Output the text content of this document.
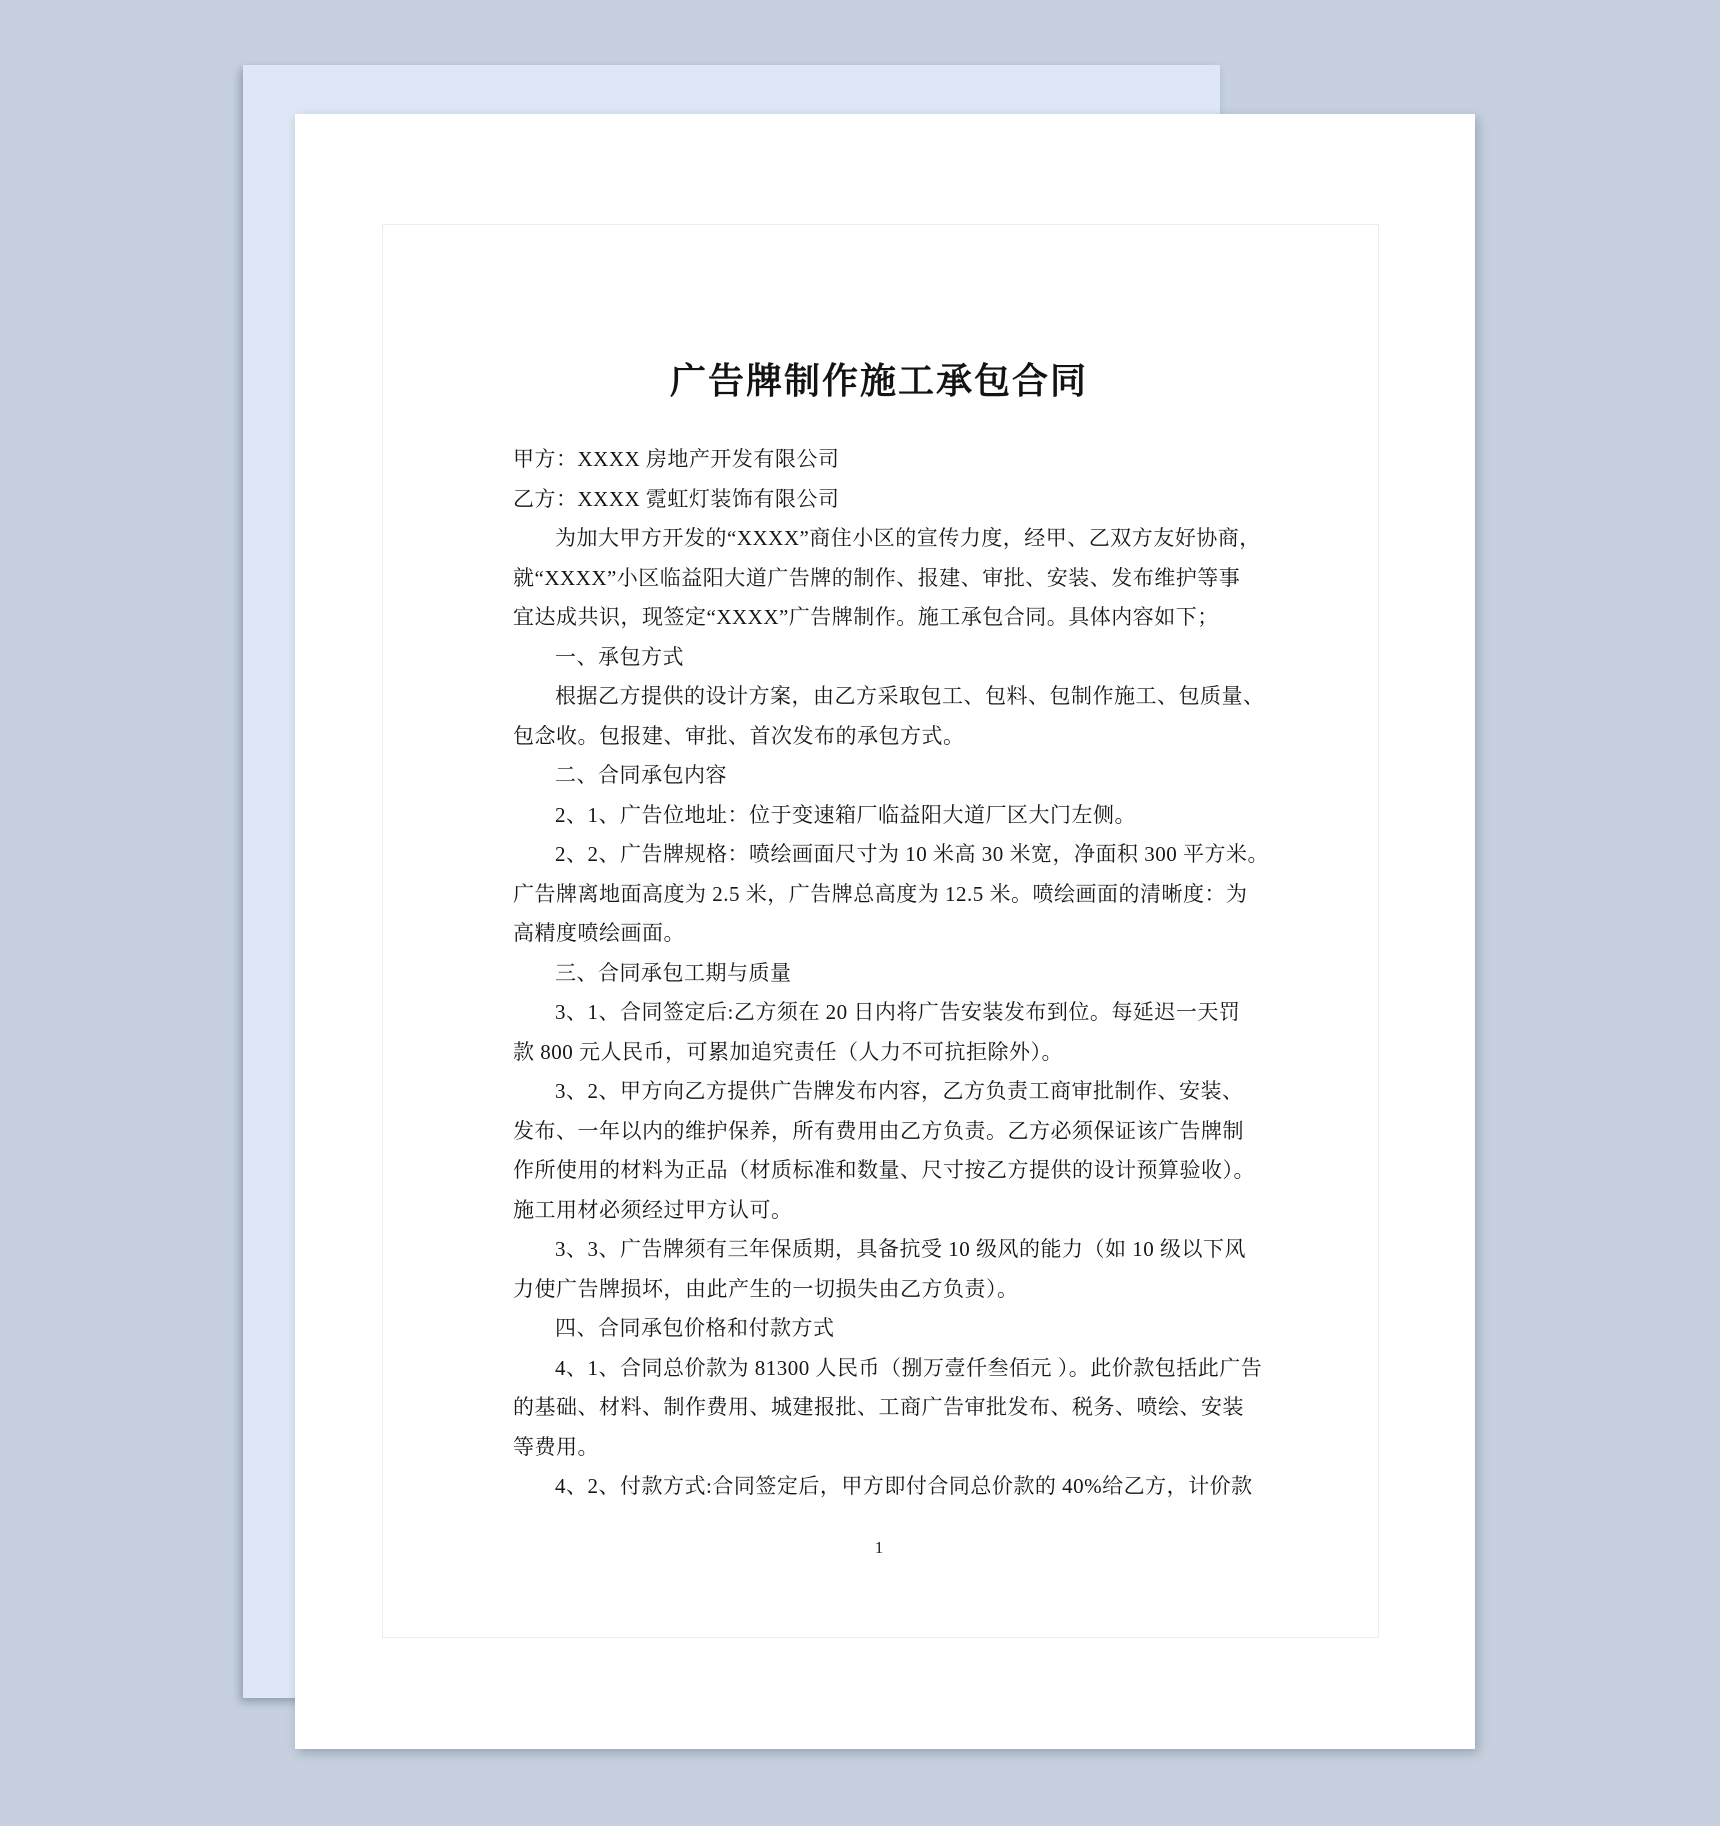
广告牌制作施工承包合同
甲方：XXXX 房地产开发有限公司
乙方：XXXX 霓虹灯装饰有限公司
为加大甲方开发的“XXXX”商住小区的宣传力度，经甲、乙双方友好协商，
就“XXXX”小区临益阳大道广告牌的制作、报建、审批、安装、发布维护等事
宜达成共识，现签定“XXXX”广告牌制作。施工承包合同。具体内容如下；
一、承包方式
根据乙方提供的设计方案，由乙方采取包工、包料、包制作施工、包质量、
包念收。包报建、审批、首次发布的承包方式。
二、合同承包内容
2、1、广告位地址：位于变速箱厂临益阳大道厂区大门左侧。
2、2、广告牌规格：喷绘画面尺寸为 10 米高 30 米宽，净面积 300 平方米。
广告牌离地面高度为 2.5 米，广告牌总高度为 12.5 米。喷绘画面的清晰度：为
高精度喷绘画面。
三、合同承包工期与质量
3、1、合同签定后:乙方须在 20 日内将广告安装发布到位。每延迟一天罚
款 800 元人民币，可累加追究责任（人力不可抗拒除外）。
3、2、甲方向乙方提供广告牌发布内容，乙方负责工商审批制作、安装、
发布、一年以内的维护保养，所有费用由乙方负责。乙方必须保证该广告牌制
作所使用的材料为正品（材质标准和数量、尺寸按乙方提供的设计预算验收）。
施工用材必须经过甲方认可。
3、3、广告牌须有三年保质期，具备抗受 10 级风的能力（如 10 级以下风
力使广告牌损坏，由此产生的一切损失由乙方负责）。
四、合同承包价格和付款方式
4、1、合同总价款为 81300 人民币（捌万壹仟叁佰元 ）。此价款包括此广告
的基础、材料、制作费用、城建报批、工商广告审批发布、税务、喷绘、安装
等费用。
4、2、付款方式:合同签定后，甲方即付合同总价款的 40%给乙方，计价款
1
